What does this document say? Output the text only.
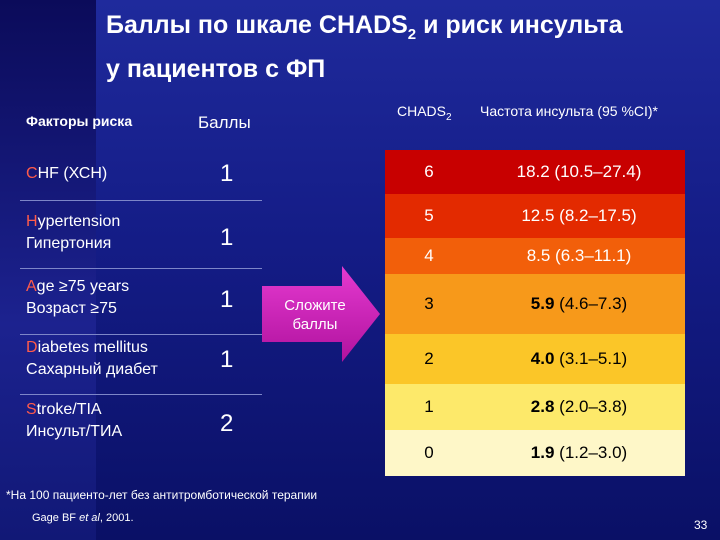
Баллы по шкале $CHADS_2$ и риск инсульта
у пациентов с ФП
Факторы риска	Баллы
$CHADS_2$ Частота инсульта (95 %CI)*
CHF (ХСН)	1
Hypertension
Гипертония	1
Age ≥75 years
Возраст ≥75	1
Diabetes mellitus
Сахарный диабет	1
Stroke/TIA
Инсульт/ТИА	2
Сложите баллы
6	18.2 (10.5–27.4)
5	12.5 (8.2–17.5)
4	8.5 (6.3–11.1)
3	5.9 (4.6–7.3)
2	4.0 (3.1–5.1)
1	2.8 (2.0–3.8)
0	1.9 (1.2–3.0)
*На 100 пациенто-лет без антитромботической терапии
Gage BF et al, 2001.	33
